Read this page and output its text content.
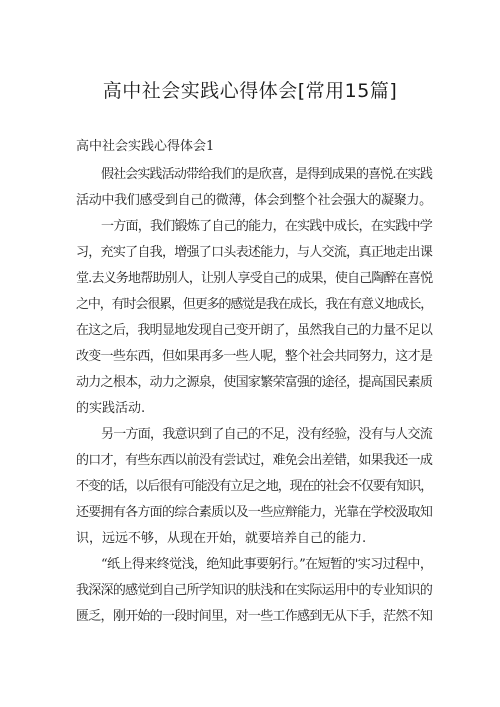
高中社会实践心得体会[常用15篇]
高中社会实践心得体会1
假社会实践活动带给我们的是欣喜，是得到成果的喜悦.在实践
活动中我们感受到自己的微薄，体会到整个社会强大的凝聚力。
一方面，我们锻炼了自己的能力，在实践中成长，在实践中学
习，充实了自我，增强了口头表述能力，与人交流，真正地走出课
堂.去义务地帮助别人，让别人享受自己的成果，使自己陶醉在喜悦
之中，有时会很累，但更多的感觉是我在成长，我在有意义地成长，
在这之后，我明显地发现自己变开朗了，虽然我自己的力量不足以
改变一些东西，但如果再多一些人呢，整个社会共同努力，这才是
动力之根本，动力之源泉，使国家繁荣富强的途径，提高国民素质
的实践活动.
另一方面，我意识到了自己的不足，没有经验，没有与人交流
的口才，有些东西以前没有尝试过，难免会出差错，如果我还一成
不变的话，以后很有可能没有立足之地，现在的社会不仅要有知识，
还要拥有各方面的综合素质以及一些应辩能力，光靠在学校汲取知
识，远远不够，从现在开始，就要培养自己的能力.
“纸上得来终觉浅，绝知此事要躬行。”在短暂的'实习过程中，
我深深的感觉到自己所学知识的肤浅和在实际运用中的专业知识的
匮乏，刚开始的一段时间里，对一些工作感到无从下手，茫然不知
